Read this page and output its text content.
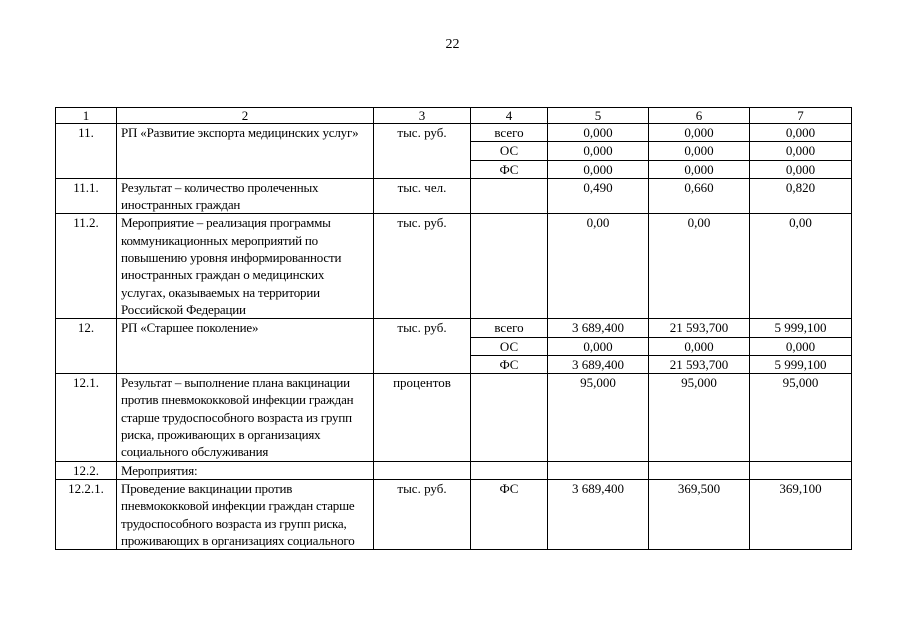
22
1	2	3	4	5	6	7
11.	РП «Развитие экспорта медицинских услуг»	тыс. руб.	всего	0,000	0,000	0,000
			ОС	0,000	0,000	0,000
			ФС	0,000	0,000	0,000
11.1.	Результат – количество пролеченных иностранных граждан	тыс. чел.		0,490	0,660	0,820
11.2.	Мероприятие – реализация программы коммуникационных мероприятий по повышению уровня информированности иностранных граждан о медицинских услугах, оказываемых на территории Российской Федерации	тыс. руб.		0,00	0,00	0,00
12.	РП «Старшее поколение»	тыс. руб.	всего	3 689,400	21 593,700	5 999,100
			ОС	0,000	0,000	0,000
			ФС	3 689,400	21 593,700	5 999,100
12.1.	Результат – выполнение плана вакцинации против пневмококковой инфекции граждан старше трудоспособного возраста из групп риска, проживающих в организациях социального обслуживания	процентов		95,000	95,000	95,000
12.2.	Мероприятия:					
12.2.1.	Проведение вакцинации против пневмококковой инфекции граждан старше трудоспособного возраста из групп риска, проживающих в организациях социального	тыс. руб.	ФС	3 689,400	369,500	369,100
